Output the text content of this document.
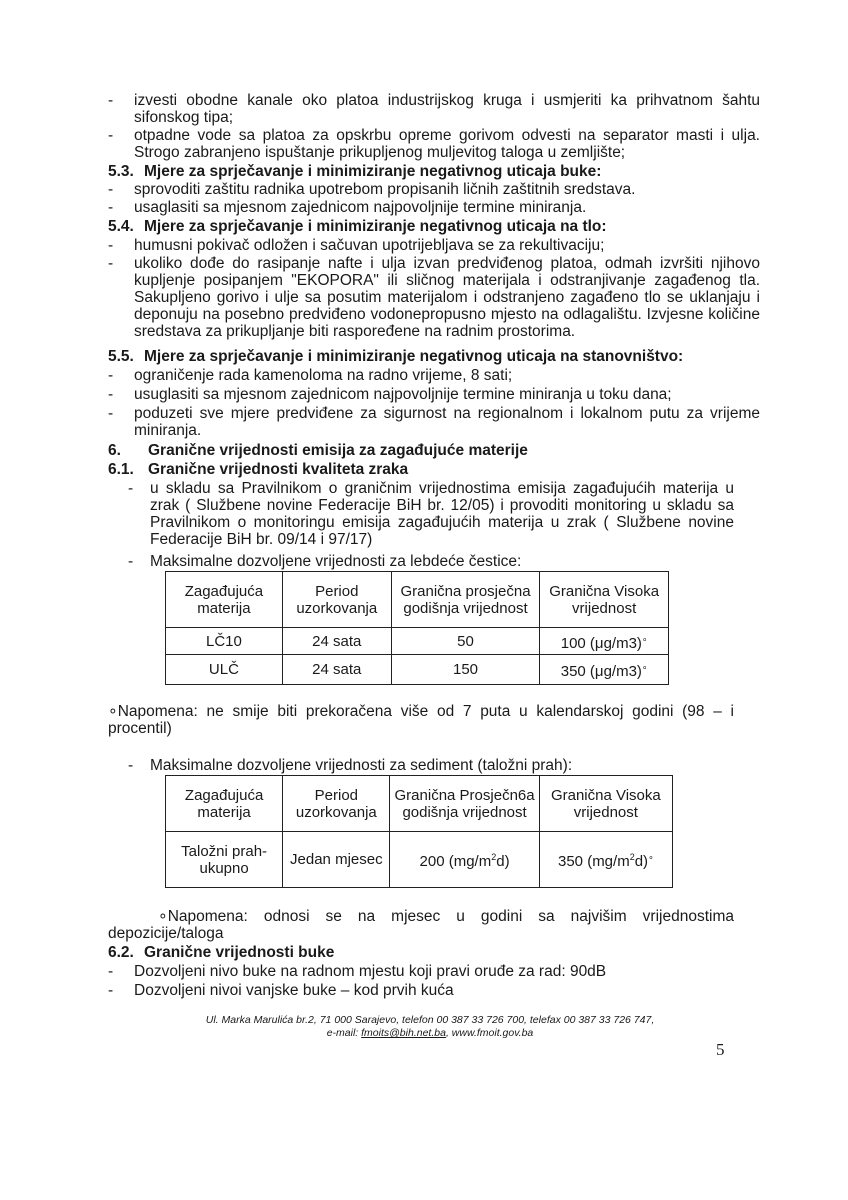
- izvesti obodne kanale oko platoa industrijskog kruga i usmjeriti ka prihvatnom šahtu sifonskog tipa;
- otpadne vode sa platoa za opskrbu opreme gorivom odvesti na separator masti i ulja. Strogo zabranjeno ispuštanje prikupljenog muljevitog taloga u zemljište;
5.3. Mjere za sprječavanje i minimiziranje negativnog uticaja buke:
- sprovoditi zaštitu radnika upotrebom propisanih ličnih zaštitnih sredstava.
- usaglasiti sa mjesnom zajednicom najpovoljnije termine miniranja.
5.4. Mjere za sprječavanje i minimiziranje negativnog uticaja na tlo:
- humusni pokivač odložen i sačuvan upotrijebljava se za rekultivaciju;
- ukoliko dođe do rasipanje nafte i ulja izvan predviđenog platoa, odmah izvršiti njihovo kupljenje posipanjem "EKOPORA" ili sličnog materijala i odstranjivanje zagađenog tla. Sakupljeno gorivo i ulje sa posutim materijalom i odstranjeno zagađeno tlo se uklanjaju i deponuju na posebno predviđeno vodonepropusno mjesto na odlagalištu. Izvjesne količine sredstava za prikupljanje biti raspoređene na radnim prostorima.
5.5. Mjere za sprječavanje i minimiziranje negativnog uticaja na stanovništvo:
- ograničenje rada kamenoloma na radno vrijeme, 8 sati;
- usuglasiti sa mjesnom zajednicom najpovoljnije termine miniranja u toku dana;
- poduzeti sve mjere predviđene za sigurnost na regionalnom i lokalnom putu za vrijeme miniranja.
6. Granične vrijednosti emisija za zagađujuće materije
6.1. Granične vrijednosti kvaliteta zraka
- u skladu sa Pravilnikom o graničnim vrijednostima emisija zagađujućih materija u zrak ( Službene novine Federacije BiH br. 12/05) i provoditi monitoring u skladu sa Pravilnikom o monitoringu emisija zagađujućih materija u zrak ( Službene novine Federacije BiH br. 09/14 i 97/17)
- Maksimalne dozvoljene vrijednosti za lebdeće čestice:
Zagađujuća materija	Period uzorkovanja	Granična prosječna godišnja vrijednost	Granična Visoka vrijednost
LČ10	24 sata	50	100 (μg/m3)∘
ULČ	24 sata	150	350 (μg/m3)∘
∘Napomena: ne smije biti prekoračena više od 7 puta u kalendarskoj godini (98 – i procentil)
- Maksimalne dozvoljene vrijednosti za sediment (taložni prah):
Zagađujuća materija	Period uzorkovanja	Granična Prosječn6a godišnja vrijednost	Granična Visoka vrijednost
Taložni prah- ukupno	Jedan mjesec	200 $(mg/m^2d)$	350 $(mg/m^2d)^\circ$
∘Napomena: odnosi se na mjesec u godini sa najvišim vrijednostima depozicije/taloga
6.2. Granične vrijednosti buke
- Dozvoljeni nivo buke na radnom mjestu koji pravi oruđe za rad: 90dB
- Dozvoljeni nivoi vanjske buke – kod prvih kuća
Ul. Marka Marulića br.2, 71 000 Sarajevo, telefon 00 387 33 726 700, telefax 00 387 33 726 747,
e-mail: fmoits@bih.net.ba, www.fmoit.gov.ba
5
